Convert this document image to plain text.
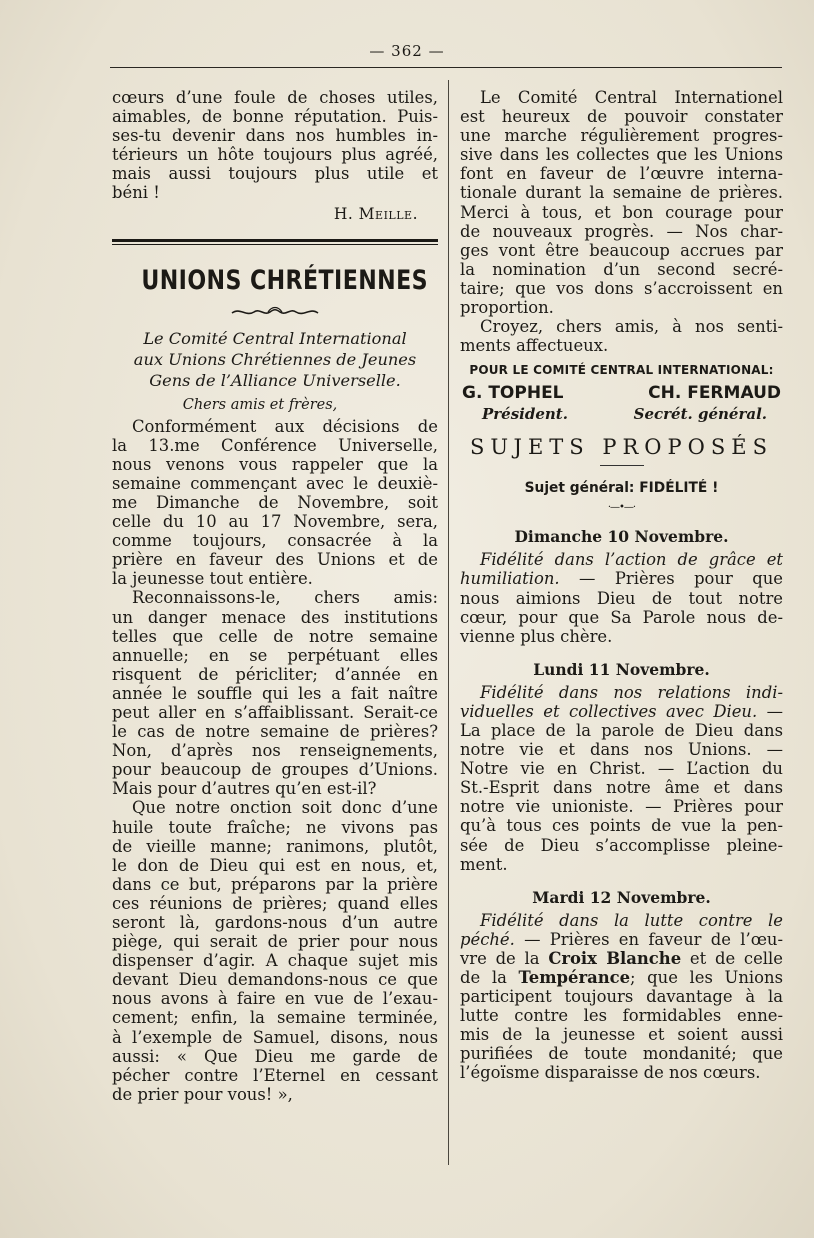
— 362 —
cœurs d’une foule de choses utiles,
aimables, de bonne réputation. Puis-
ses-tu devenir dans nos humbles in-
térieurs un hôte toujours plus agréé,
mais aussi toujours plus utile et
béni !
H. Meille.
UNIONS CHRÉTIENNES
Le Comité Central International
aux Unions Chrétiennes de Jeunes
Gens de l’Alliance Universelle.
Chers amis et frères,
Conformément aux décisions de
la 13.me Conférence Universelle,
nous venons vous rappeler que la
semaine commençant avec le deuxiè-
me Dimanche de Novembre, soit
celle du 10 au 17 Novembre, sera,
comme toujours, consacrée à la
prière en faveur des Unions et de
la jeunesse tout entière.
Reconnaissons-le, chers amis:
un danger menace des institutions
telles que celle de notre semaine
annuelle; en se perpétuant elles
risquent de péricliter; d’année en
année le souffle qui les a fait naître
peut aller en s’affaiblissant. Serait-ce
le cas de notre semaine de prières?
Non, d’après nos renseignements,
pour beaucoup de groupes d’Unions.
Mais pour d’autres qu’en est-il?
Que notre onction soit donc d’une
huile toute fraîche; ne vivons pas
de vieille manne; ranimons, plutôt,
le don de Dieu qui est en nous, et,
dans ce but, préparons par la prière
ces réunions de prières; quand elles
seront là, gardons-nous d’un autre
piège, qui serait de prier pour nous
dispenser d’agir. A chaque sujet mis
devant Dieu demandons-nous ce que
nous avons à faire en vue de l’exau-
cement; enfin, la semaine terminée,
à l’exemple de Samuel, disons, nous
aussi: « Que Dieu me garde de
pécher contre l’Eternel en cessant
de prier pour vous! »,
Le Comité Central Internationel
est heureux de pouvoir constater
une marche régulièrement progres-
sive dans les collectes que les Unions
font en faveur de l’œuvre interna-
tionale durant la semaine de prières.
Merci à tous, et bon courage pour
de nouveaux progrès. — Nos char-
ges vont être beaucoup accrues par
la nomination d’un second secré-
taire; que vos dons s’accroissent en
proportion.
Croyez, chers amis, à nos senti-
ments affectueux.
POUR LE COMITÉ CENTRAL INTERNATIONAL:
G. TOPHEL	CH. FERMAUD
Président.	Secrét. général.
SUJETS PROPOSÉS
Sujet général: FIDÉLITÉ !
·—•—·
Dimanche 10 Novembre.
Fidélité dans l’action de grâce et
humiliation. — Prières pour que
nous aimions Dieu de tout notre
cœur, pour que Sa Parole nous de-
vienne plus chère.
Lundi 11 Novembre.
Fidélité dans nos relations indi-
viduelles et collectives avec Dieu. —
La place de la parole de Dieu dans
notre vie et dans nos Unions. —
Notre vie en Christ. — L’action du
St.-Esprit dans notre âme et dans
notre vie unioniste. — Prières pour
qu’à tous ces points de vue la pen-
sée de Dieu s’accomplisse pleine-
ment.
Mardi 12 Novembre.
Fidélité dans la lutte contre le
péché. — Prières en faveur de l’œu-
vre de la Croix Blanche et de celle
de la Tempérance; que les Unions
participent toujours davantage à la
lutte contre les formidables enne-
mis de la jeunesse et soient aussi
purifiées de toute mondanité; que
l’égoïsme disparaisse de nos cœurs.
